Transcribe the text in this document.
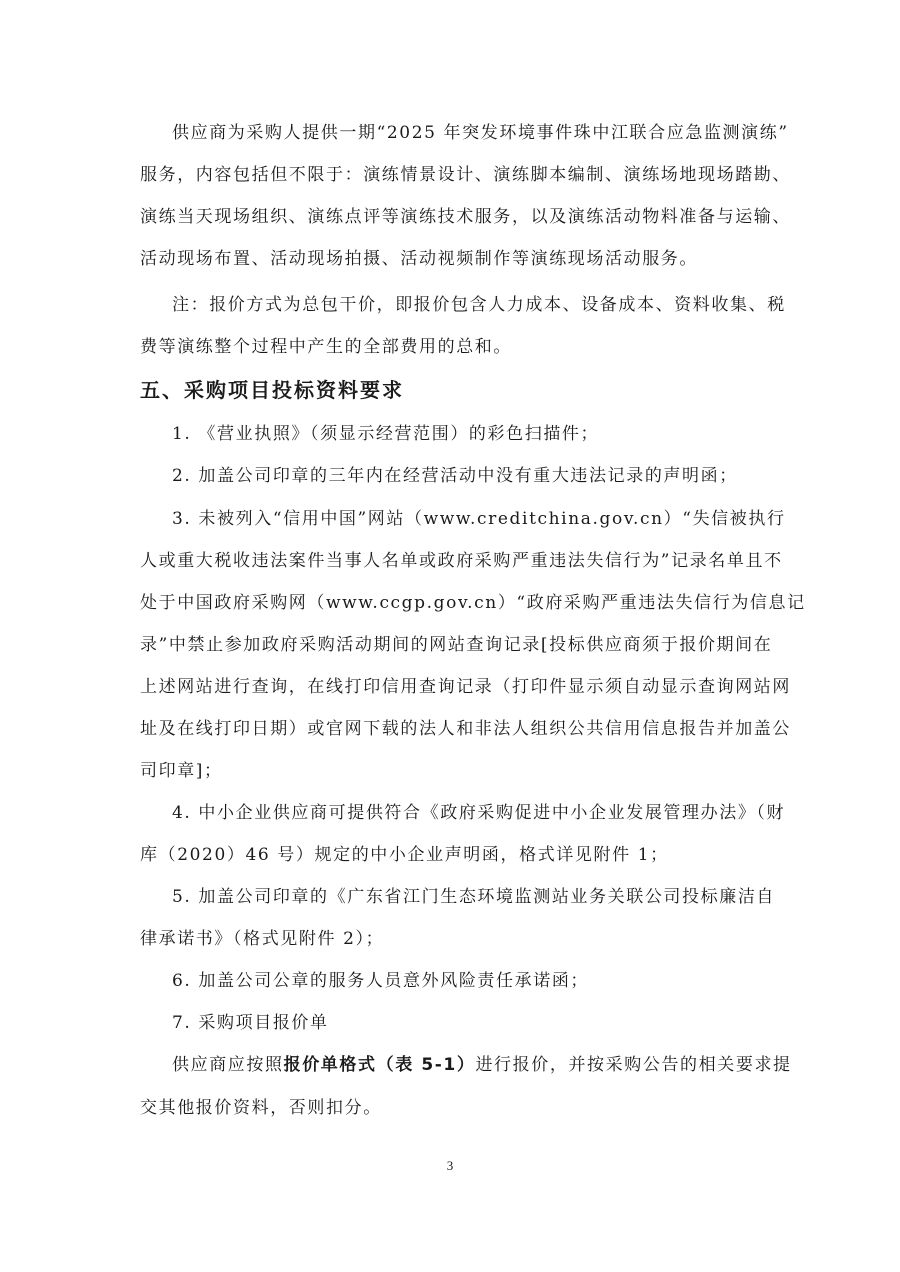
供应商为采购人提供一期“2025 年突发环境事件珠中江联合应急监测演练”
服务，内容包括但不限于：演练情景设计、演练脚本编制、演练场地现场踏勘、
演练当天现场组织、演练点评等演练技术服务，以及演练活动物料准备与运输、
活动现场布置、活动现场拍摄、活动视频制作等演练现场活动服务。
注：报价方式为总包干价，即报价包含人力成本、设备成本、资料收集、税
费等演练整个过程中产生的全部费用的总和。
五、采购项目投标资料要求
1. 《营业执照》（须显示经营范围）的彩色扫描件；
2. 加盖公司印章的三年内在经营活动中没有重大违法记录的声明函；
3. 未被列入“信用中国”网站（www.creditchina.gov.cn）“失信被执行
人或重大税收违法案件当事人名单或政府采购严重违法失信行为”记录名单且不
处于中国政府采购网（www.ccgp.gov.cn）“政府采购严重违法失信行为信息记
录”中禁止参加政府采购活动期间的网站查询记录[投标供应商须于报价期间在
上述网站进行查询，在线打印信用查询记录（打印件显示须自动显示查询网站网
址及在线打印日期）或官网下载的法人和非法人组织公共信用信息报告并加盖公
司印章]；
4. 中小企业供应商可提供符合《政府采购促进中小企业发展管理办法》（财
库（2020）46 号）规定的中小企业声明函，格式详见附件 1；
5. 加盖公司印章的《广东省江门生态环境监测站业务关联公司投标廉洁自
律承诺书》（格式见附件 2）；
6. 加盖公司公章的服务人员意外风险责任承诺函；
7. 采购项目报价单
供应商应按照报价单格式（表 5-1）进行报价，并按采购公告的相关要求提
交其他报价资料，否则扣分。
3
